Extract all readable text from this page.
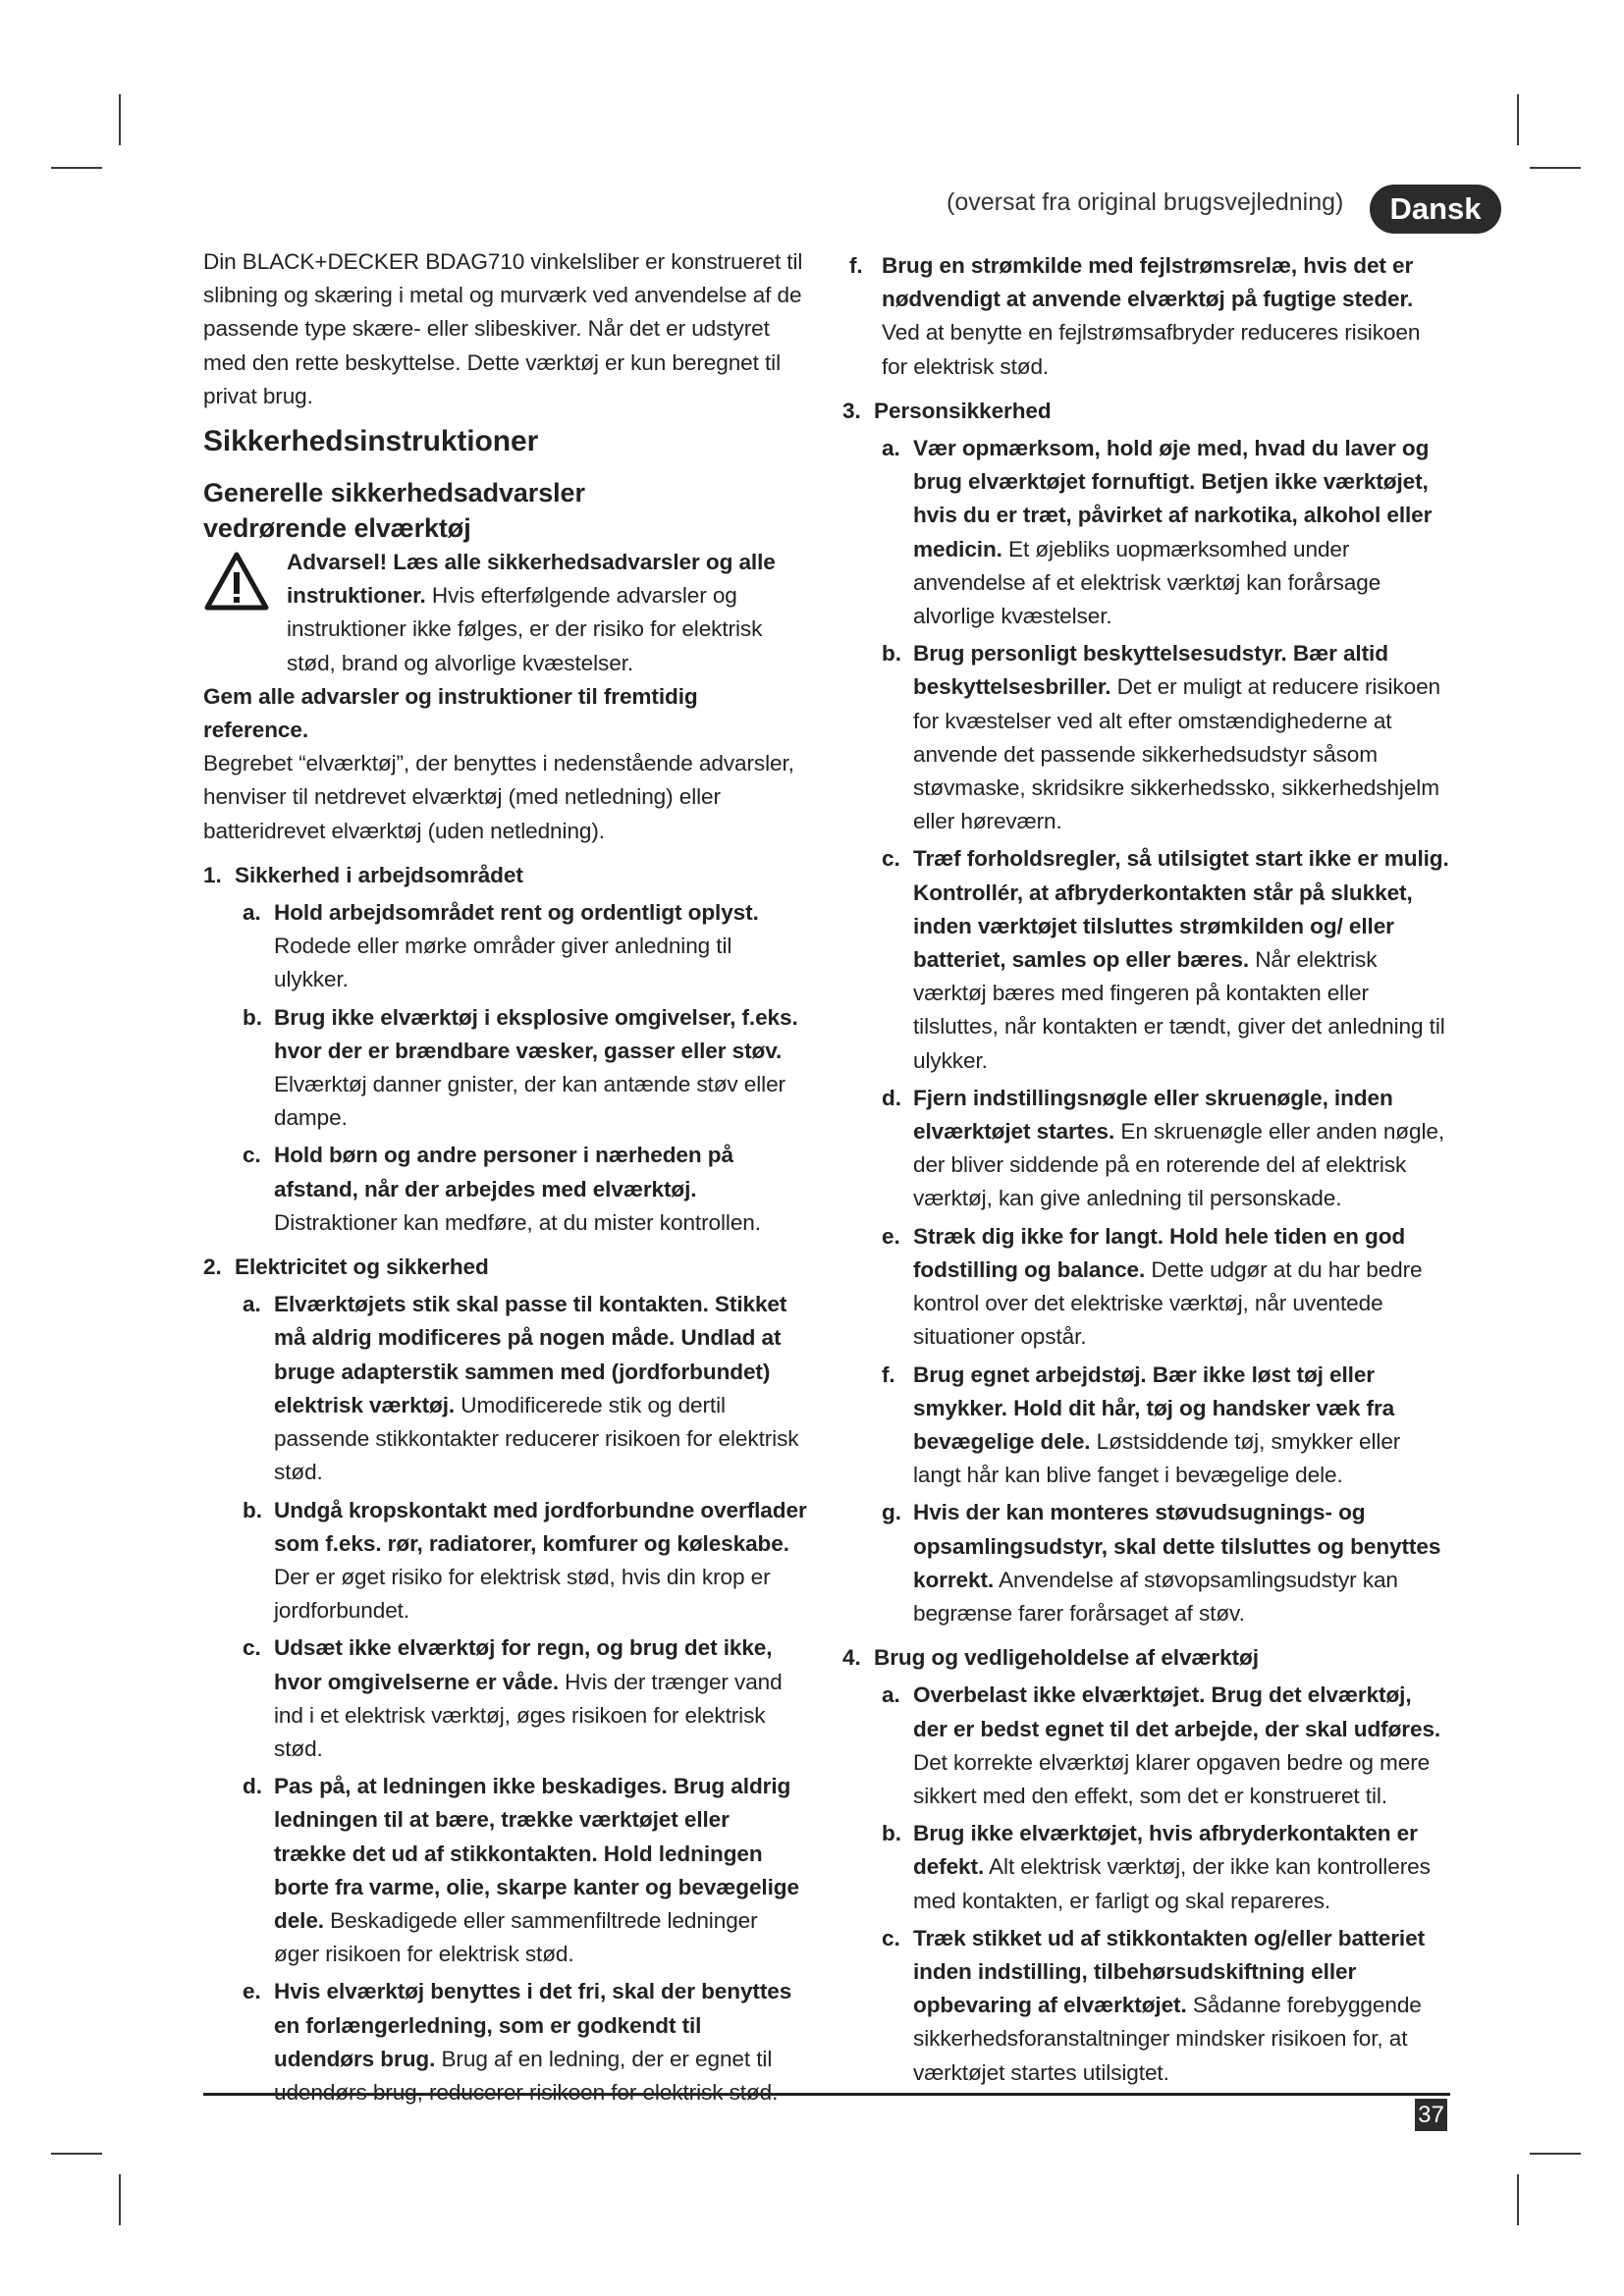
(oversat fra original brugsvejledning)	Dansk

Din BLACK+DECKER BDAG710 vinkelsliber er konstrueret til slibning og skæring i metal og murværk ved anvendelse af de passende type skære- eller slibeskiver. Når det er udstyret med den rette beskyttelse. Dette værktøj er kun beregnet til privat brug.

Sikkerhedsinstruktioner
Generelle sikkerhedsadvarsler
vedrørende elværktøj

Advarsel! Læs alle sikkerhedsadvarsler og alle instruktioner. Hvis efterfølgende advarsler og instruktioner ikke følges, er der risiko for elektrisk stød, brand og alvorlige kvæstelser.

Gem alle advarsler og instruktioner til fremtidig reference.

Begrebet “elværktøj”, der benyttes i nedenstående advarsler, henviser til netdrevet elværktøj (med netledning) eller batteridrevet elværktøj (uden netledning).

1. Sikkerhed i arbejdsområdet
a. Hold arbejdsområdet rent og ordentligt oplyst. Rodede eller mørke områder giver anledning til ulykker.
b. Brug ikke elværktøj i eksplosive omgivelser, f.eks. hvor der er brændbare væsker, gasser eller støv. Elværktøj danner gnister, der kan antænde støv eller dampe.
c. Hold børn og andre personer i nærheden på afstand, når der arbejdes med elværktøj. Distraktioner kan medføre, at du mister kontrollen.
2. Elektricitet og sikkerhed
a. Elværktøjets stik skal passe til kontakten. Stikket må aldrig modificeres på nogen måde. Undlad at bruge adapterstik sammen med (jordforbundet) elektrisk værktøj. Umodificerede stik og dertil passende stikkontakter reducerer risikoen for elektrisk stød.
b. Undgå kropskontakt med jordforbundne overflader som f.eks. rør, radiatorer, komfurer og køleskabe. Der er øget risiko for elektrisk stød, hvis din krop er jordforbundet.
c. Udsæt ikke elværktøj for regn, og brug det ikke, hvor omgivelserne er våde. Hvis der trænger vand ind i et elektrisk værktøj, øges risikoen for elektrisk stød.
d. Pas på, at ledningen ikke beskadiges. Brug aldrig ledningen til at bære, trække værktøjet eller trække det ud af stikkontakten. Hold ledningen borte fra varme, olie, skarpe kanter og bevægelige dele. Beskadigede eller sammenfiltrede ledninger øger risikoen for elektrisk stød.
e. Hvis elværktøj benyttes i det fri, skal der benyttes en forlængerledning, som er godkendt til udendørs brug. Brug af en ledning, der er egnet til
f. Brug en strømkilde med fejlstrømsrelæ, hvis det er nødvendigt at anvende elværktøj på fugtige steder. Ved at benytte en fejlstrømsafbryder reduceres risikoen for elektrisk stød.
3. Personsikkerhed
a. Vær opmærksom, hold øje med, hvad du laver og brug elværktøjet fornuftigt. Betjen ikke værktøjet, hvis du er træt, påvirket af narkotika, alkohol eller medicin. Et øjebliks uopmærksomhed under anvendelse af et elektrisk værktøj kan forårsage alvorlige kvæstelser.
b. Brug personligt beskyttelsesudstyr. Bær altid beskyttelsesbriller. Det er muligt at reducere risikoen for kvæstelser ved alt efter omstændighederne at anvende det passende sikkerhedsudstyr såsom støvmaske, skridsikre sikkerhedssko, sikkerhedshjelm eller høreværn.
c. Træf forholdsregler, så utilsigtet start ikke er mulig. Kontrollér, at afbryderkontakten står på slukket, inden værktøjet tilsluttes strømkilden og/ eller batteriet, samles op eller bæres. Når elektrisk værktøj bæres med fingeren på kontakten eller tilsluttes, når kontakten er tændt, giver det anledning til ulykker.
d. Fjern indstillingsnøgle eller skruenøgle, inden elværktøjet startes. En skruenøgle eller anden nøgle, der bliver siddende på en roterende del af elektrisk værktøj, kan give anledning til personskade.
e. Stræk dig ikke for langt. Hold hele tiden en god fodstilling og balance. Dette udgør at du har bedre kontrol over det elektriske værktøj, når uventede situationer opstår.
f. Brug egnet arbejdstøj. Bær ikke løst tøj eller smykker. Hold dit hår, tøj og handsker væk fra bevægelige dele. Løstsiddende tøj, smykker eller langt hår kan blive fanget i bevægelige dele.
g. Hvis der kan monteres støvudsugnings- og opsamlingsudstyr, skal dette tilsluttes og benyttes korrekt. Anvendelse af støvopsamlingsudstyr kan begrænse farer forårsaget af støv.
4. Brug og vedligeholdelse af elværktøj
a. Overbelast ikke elværktøjet. Brug det elværktøj, der er bedst egnet til det arbejde, der skal udføres. Det korrekte elværktøj klarer opgaven bedre og mere sikkert med den effekt, som det er konstrueret til.
b. Brug ikke elværktøjet, hvis afbryderkontakten er defekt. Alt elektrisk værktøj, der ikke kan kontrolleres med kontakten, er farligt og skal repareres.
c. Træk stikket ud af stikkontakten og/eller batteriet inden indstilling, tilbehørsudskiftning eller opbevaring af elværktøjet. Sådanne forebyggende sikkerhedsforanstaltninger mindsker risikoen for, at værktøjet startes utilsigtet.
37
